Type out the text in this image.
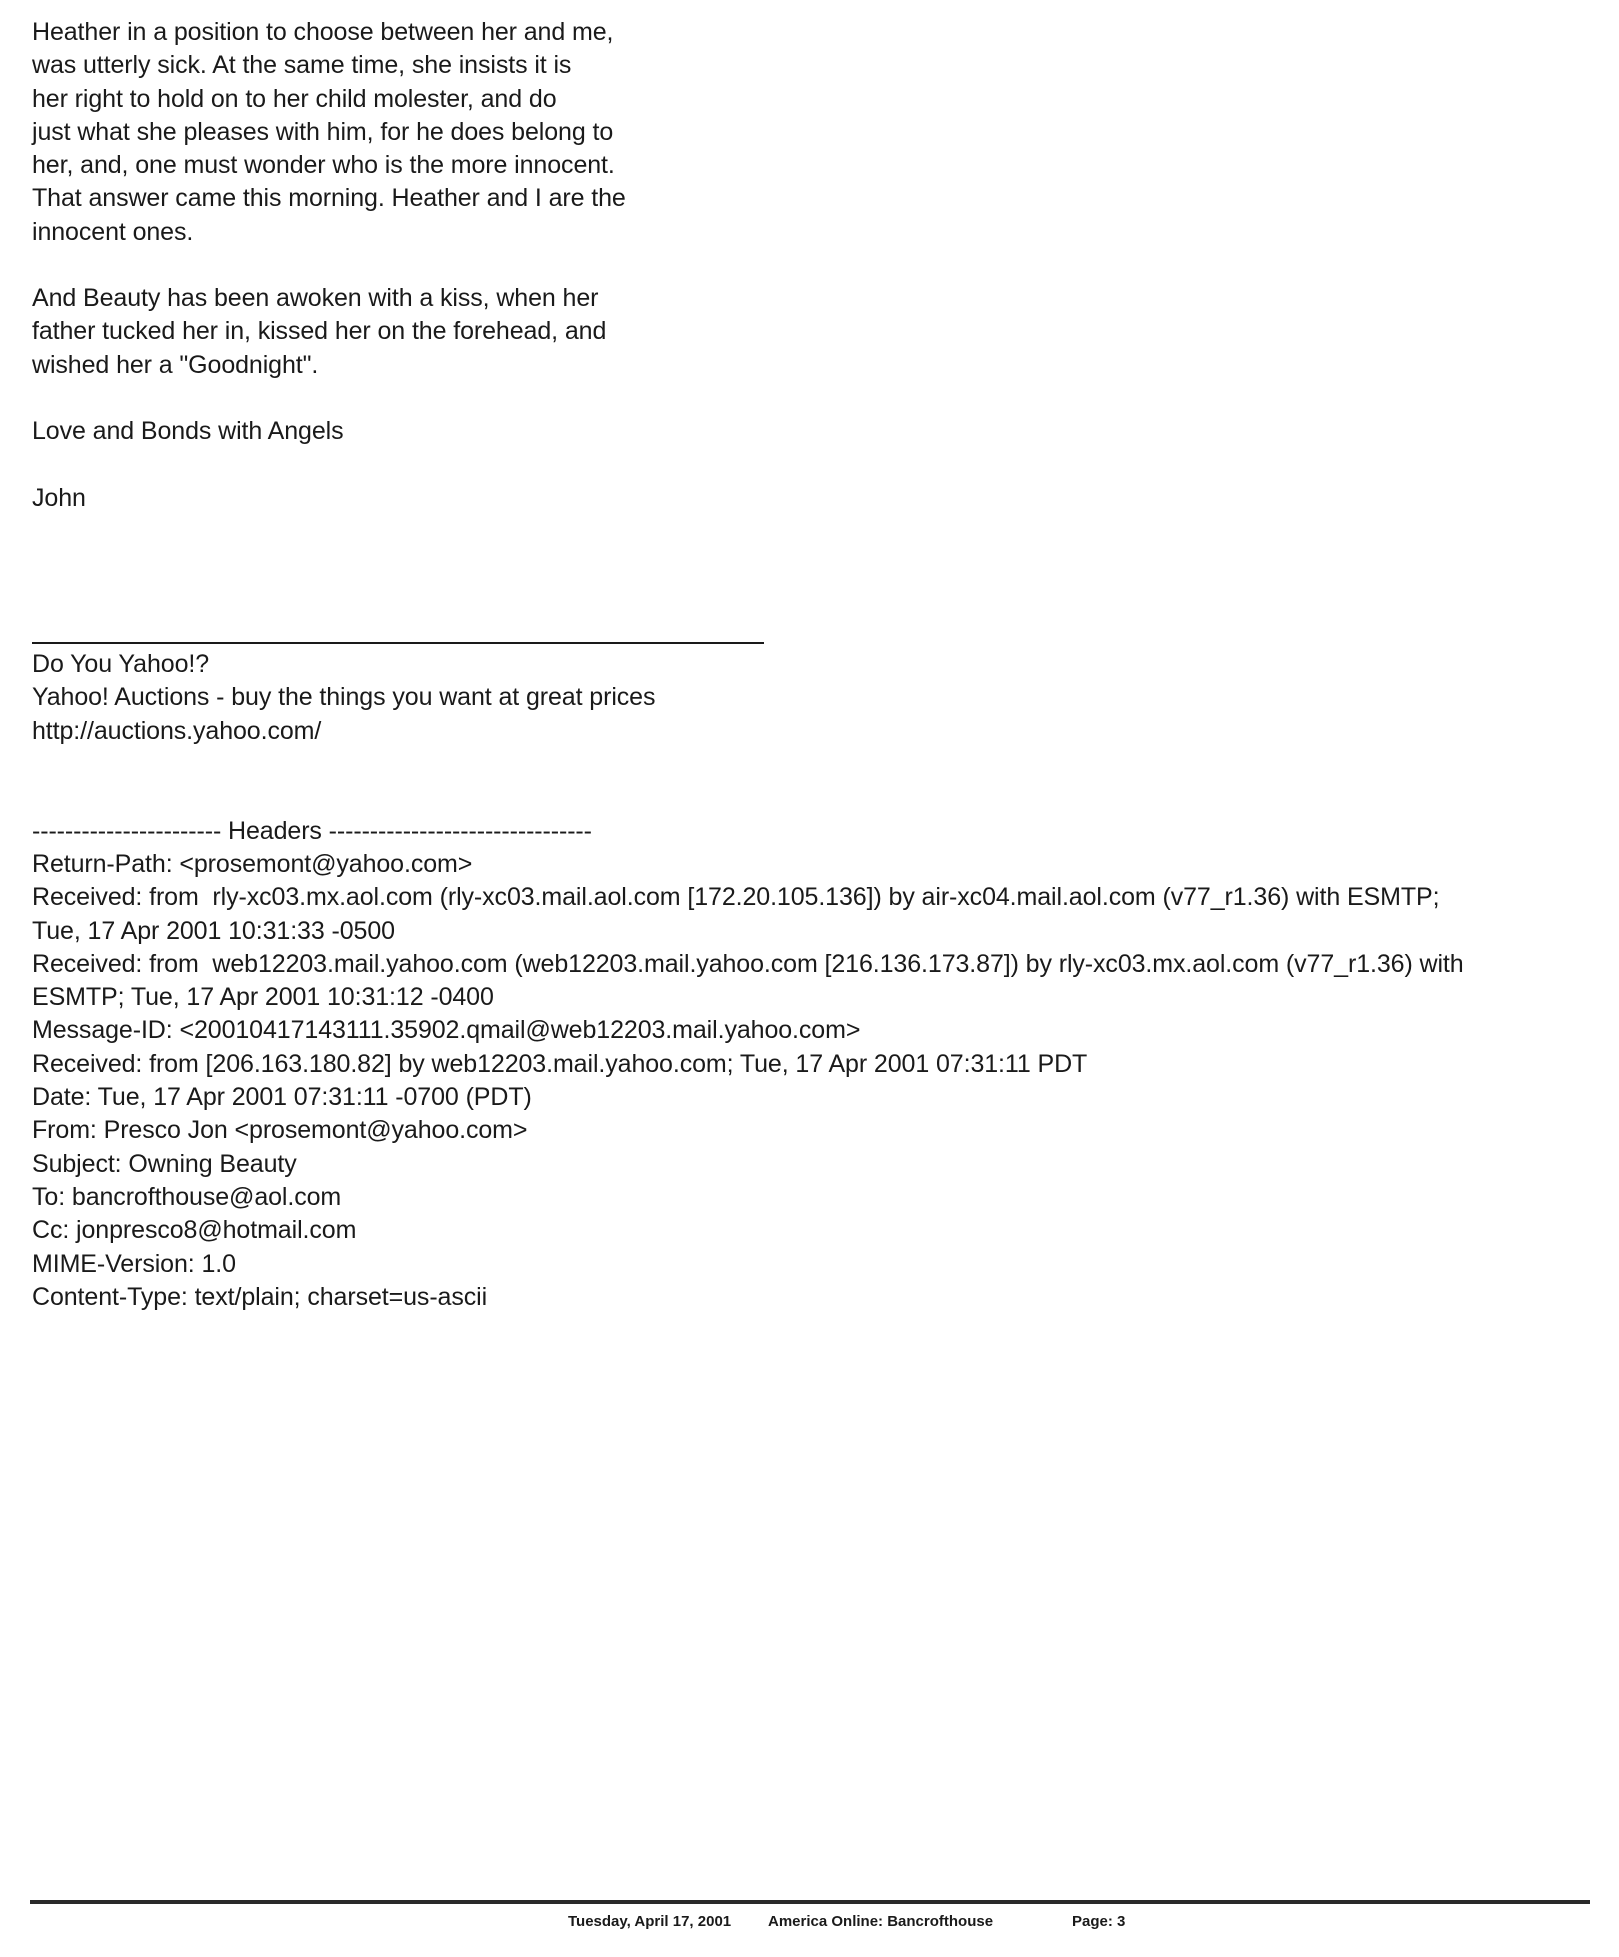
Heather in a position to choose between her and me,
was utterly sick. At the same time, she insists it is
her right to hold on to her child molester, and do
just what she pleases with him, for he does belong to
her, and, one must wonder who is the more innocent.
That answer came this morning. Heather and I are the
innocent ones.
And Beauty has been awoken with a kiss, when her
father tucked her in, kissed her on the forehead, and
wished her a "Goodnight".
Love and Bonds with Angels
John
Do You Yahoo!?
Yahoo! Auctions - buy the things you want at great prices
http://auctions.yahoo.com/
----------------------- Headers --------------------------------
Return-Path: <prosemont@yahoo.com>
Received: from  rly-xc03.mx.aol.com (rly-xc03.mail.aol.com [172.20.105.136]) by air-xc04.mail.aol.com (v77_r1.36) with ESMTP;
Tue, 17 Apr 2001 10:31:33 -0500
Received: from  web12203.mail.yahoo.com (web12203.mail.yahoo.com [216.136.173.87]) by rly-xc03.mx.aol.com (v77_r1.36) with
ESMTP; Tue, 17 Apr 2001 10:31:12 -0400
Message-ID: <20010417143111.35902.qmail@web12203.mail.yahoo.com>
Received: from [206.163.180.82] by web12203.mail.yahoo.com; Tue, 17 Apr 2001 07:31:11 PDT
Date: Tue, 17 Apr 2001 07:31:11 -0700 (PDT)
From: Presco Jon <prosemont@yahoo.com>
Subject: Owning Beauty
To: bancrofthouse@aol.com
Cc: jonpresco8@hotmail.com
MIME-Version: 1.0
Content-Type: text/plain; charset=us-ascii
Tuesday, April 17, 2001 America Online: Bancrofthouse	Page: 3
